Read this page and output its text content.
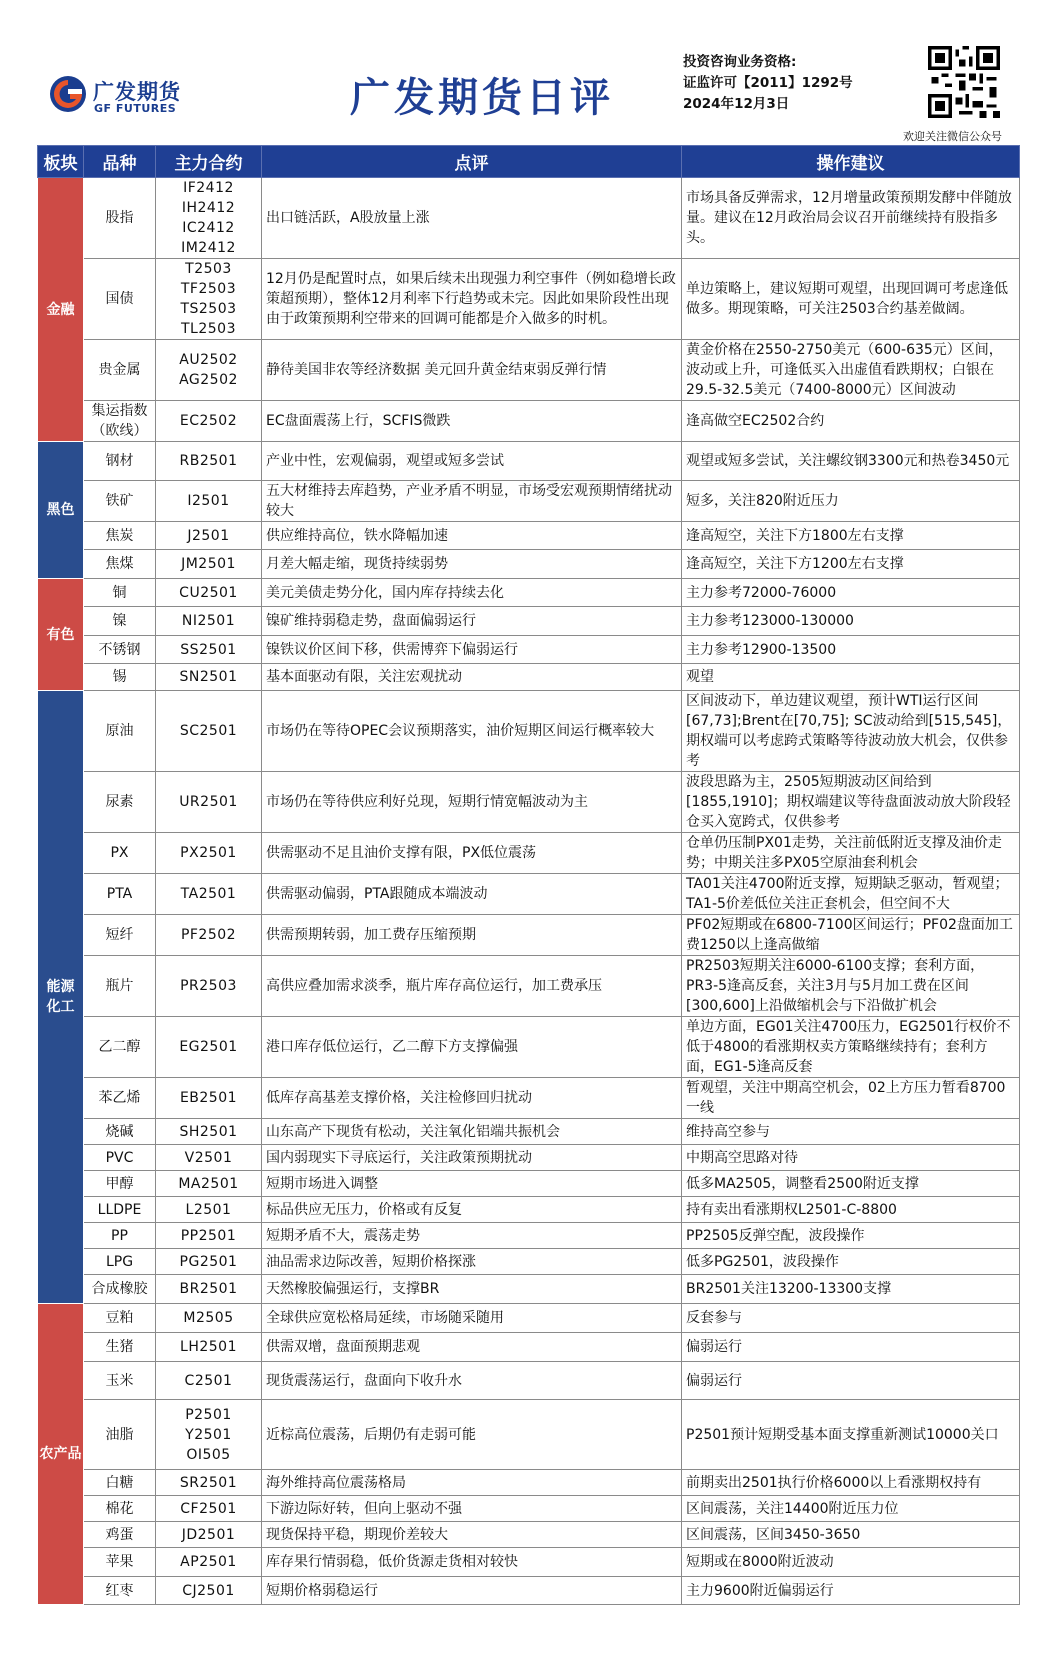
广发期货
GF FUTURES	广发期货日评
投资咨询业务资格:
证监许可【2011】1292号
2024年12月3日
欢迎关注微信公众号
板块	品种	主力合约	点评	操作建议
金融	股指	IF2412
IH2412
IC2412
IM2412	出口链活跃，A股放量上涨	市场具备反弹需求，12月增量政策预期发酵中伴随放量。建议在12月政治局会议召开前继续持有股指多头。
	国债	T2503
TF2503
TS2503
TL2503	12月仍是配置时点，如果后续未出现强力利空事件（例如稳增长政策超预期），整体12月利率下行趋势或未完。因此如果阶段性出现由于政策预期利空带来的回调可能都是介入做多的时机。	单边策略上，建议短期可观望，出现回调可考虑逢低做多。期现策略，可关注2503合约基差做阔。
	贵金属	AU2502
AG2502	静待美国非农等经济数据 美元回升黄金结束弱反弹行情	黄金价格在2550-2750美元（600-635元）区间，波动或上升，可逢低买入出虚值看跌期权；白银在29.5-32.5美元（7400-8000元）区间波动
	集运指数（欧线）	EC2502	EC盘面震荡上行，SCFIS微跌	逢高做空EC2502合约
黑色	钢材	RB2501	产业中性，宏观偏弱，观望或短多尝试	观望或短多尝试，关注螺纹钢3300元和热卷3450元
	铁矿	I2501	五大材维持去库趋势，产业矛盾不明显，市场受宏观预期情绪扰动较大	短多，关注820附近压力
	焦炭	J2501	供应维持高位，铁水降幅加速	逢高短空，关注下方1800左右支撑
	焦煤	JM2501	月差大幅走缩，现货持续弱势	逢高短空，关注下方1200左右支撑
有色	铜	CU2501	美元美债走势分化，国内库存持续去化	主力参考72000-76000
	镍	NI2501	镍矿维持弱稳走势，盘面偏弱运行	主力参考123000-130000
	不锈钢	SS2501	镍铁议价区间下移，供需博弈下偏弱运行	主力参考12900-13500
	锡	SN2501	基本面驱动有限，关注宏观扰动	观望
能源
化工	原油	SC2501	市场仍在等待OPEC会议预期落实，油价短期区间运行概率较大	区间波动下，单边建议观望，预计WTI运行区间[67,73];Brent在[70,75]; SC波动给到[515,545]，期权端可以考虑跨式策略等待波动放大机会，仅供参考
	尿素	UR2501	市场仍在等待供应利好兑现，短期行情宽幅波动为主	波段思路为主，2505短期波动区间给到[1855,1910]；期权端建议等待盘面波动放大阶段轻仓买入宽跨式，仅供参考
	PX	PX2501	供需驱动不足且油价支撑有限，PX低位震荡	仓单仍压制PX01走势，关注前低附近支撑及油价走势；中期关注多PX05空原油套利机会
	PTA	TA2501	供需驱动偏弱，PTA跟随成本端波动	TA01关注4700附近支撑，短期缺乏驱动，暂观望；TA1-5价差低位关注正套机会，但空间不大
	短纤	PF2502	供需预期转弱，加工费存压缩预期	PF02短期或在6800-7100区间运行；PF02盘面加工费1250以上逢高做缩
	瓶片	PR2503	高供应叠加需求淡季，瓶片库存高位运行，加工费承压	PR2503短期关注6000-6100支撑；套利方面，PR3-5逢高反套，关注3月与5月加工费在区间[300,600]上沿做缩机会与下沿做扩机会
	乙二醇	EG2501	港口库存低位运行，乙二醇下方支撑偏强	单边方面，EG01关注4700压力，EG2501行权价不低于4800的看涨期权卖方策略继续持有；套利方面，EG1-5逢高反套
	苯乙烯	EB2501	低库存高基差支撑价格，关注检修回归扰动	暂观望，关注中期高空机会，02上方压力暂看8700一线
	烧碱	SH2501	山东高产下现货有松动，关注氧化铝端共振机会	维持高空参与
	PVC	V2501	国内弱现实下寻底运行，关注政策预期扰动	中期高空思路对待
	甲醇	MA2501	短期市场进入调整	低多MA2505，调整看2500附近支撑
	LLDPE	L2501	标品供应无压力，价格或有反复	持有卖出看涨期权L2501-C-8800
	PP	PP2501	短期矛盾不大，震荡走势	PP2505反弹空配，波段操作
	LPG	PG2501	油品需求边际改善，短期价格探涨	低多PG2501，波段操作
	合成橡胶	BR2501	天然橡胶偏强运行，支撑BR	BR2501关注13200-13300支撑
农产品	豆粕	M2505	全球供应宽松格局延续，市场随采随用	反套参与
	生猪	LH2501	供需双增，盘面预期悲观	偏弱运行
	玉米	C2501	现货震荡运行，盘面向下收升水	偏弱运行
	油脂	P2501
Y2501
OI505	近棕高位震荡，后期仍有走弱可能	P2501预计短期受基本面支撑重新测试10000关口
	白糖	SR2501	海外维持高位震荡格局	前期卖出2501执行价格6000以上看涨期权持有
	棉花	CF2501	下游边际好转，但向上驱动不强	区间震荡，关注14400附近压力位
	鸡蛋	JD2501	现货保持平稳，期现价差较大	区间震荡，区间3450-3650
	苹果	AP2501	库存果行情弱稳，低价货源走货相对较快	短期或在8000附近波动
	红枣	CJ2501	短期价格弱稳运行	主力9600附近偏弱运行
